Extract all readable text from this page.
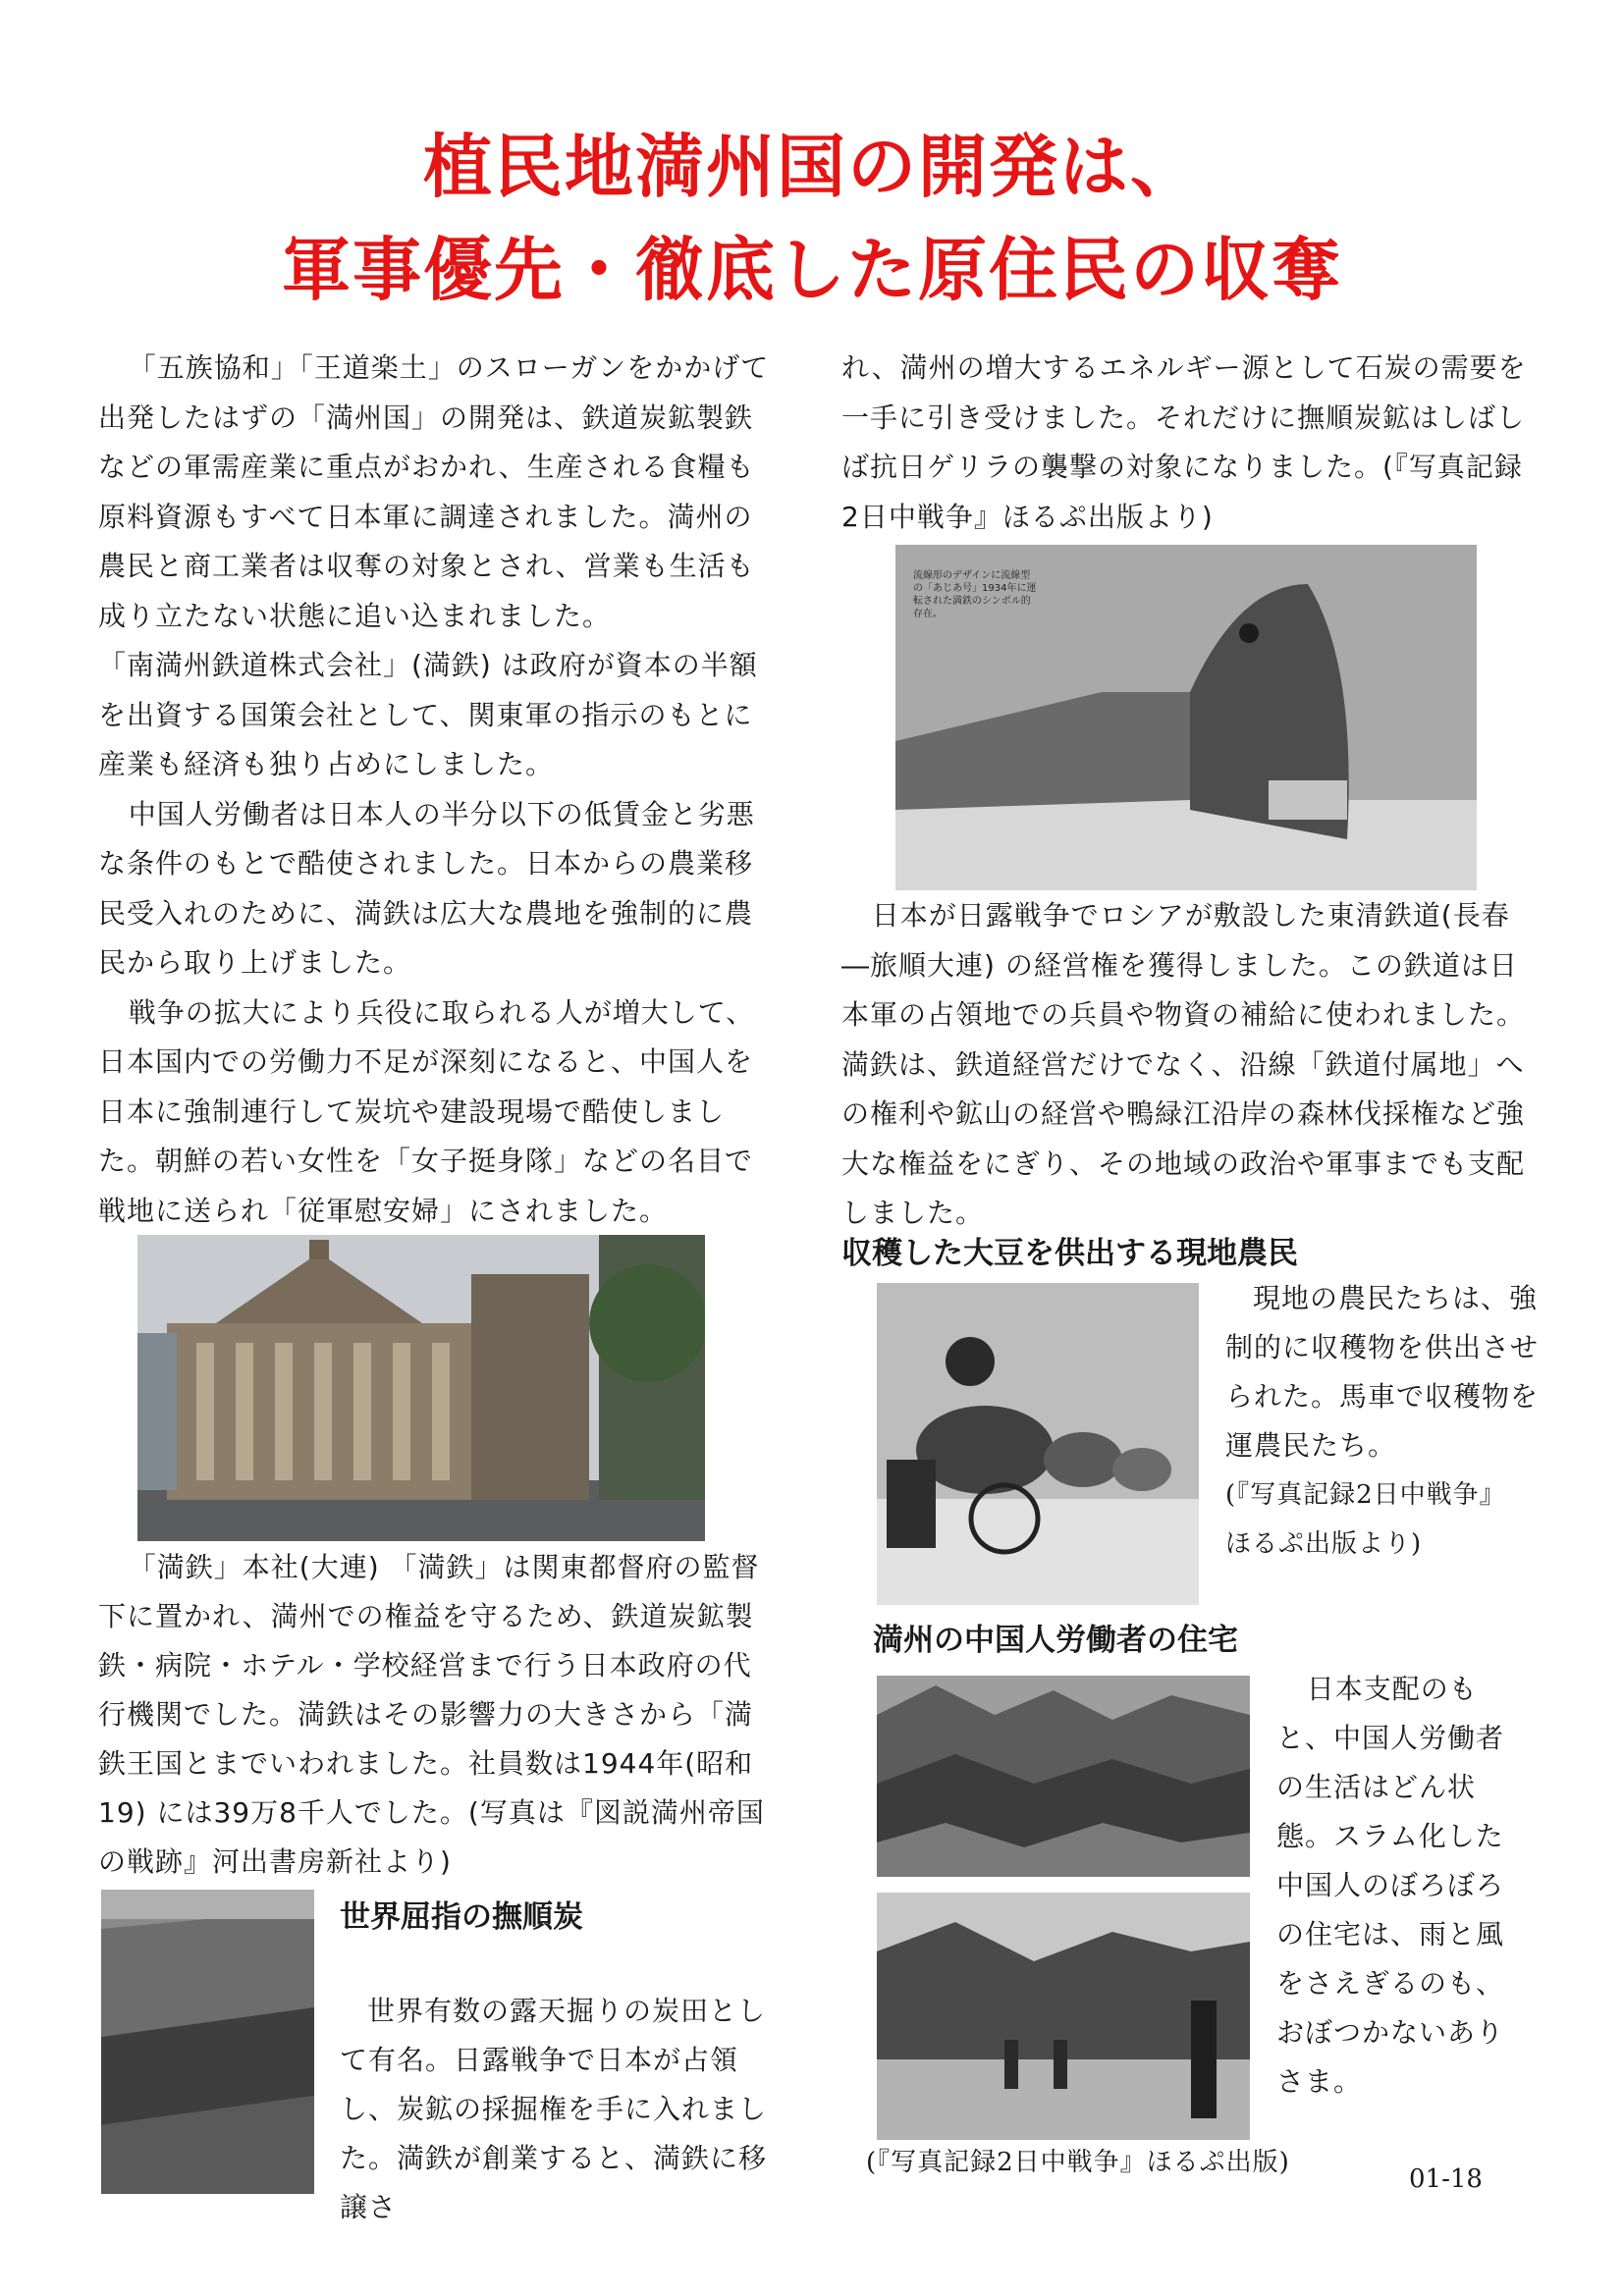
植民地満州国の開発は、
軍事優先・徹底した原住民の収奪

「五族協和」「王道楽土」のスローガンをかかげて出発したはずの「満州国」の開発は、鉄道炭鉱製鉄などの軍需産業に重点がおかれ、生産される食糧も原料資源もすべて日本軍に調達されました。満州の農民と商工業者は収奪の対象とされ、営業も生活も成り立たない状態に追い込まれました。

「南満州鉄道株式会社」(満鉄) は政府が資本の半額を出資する国策会社として、関東軍の指示のもとに産業も経済も独り占めにしました。

中国人労働者は日本人の半分以下の低賃金と劣悪な条件のもとで酷使されました。日本からの農業移民受入れのために、満鉄は広大な農地を強制的に農民から取り上げました。

戦争の拡大により兵役に取られる人が増大して、日本国内での労働力不足が深刻になると、中国人を日本に強制連行して炭坑や建設現場で酷使しました。朝鮮の若い女性を「女子挺身隊」などの名目で戦地に送られ「従軍慰安婦」にされました。

「満鉄」本社(大連) 「満鉄」は関東都督府の監督下に置かれ、満州での権益を守るため、鉄道炭鉱製鉄・病院・ホテル・学校経営まで行う日本政府の代行機関でした。満鉄はその影響力の大きさから「満鉄王国とまでいわれました。社員数は1944年(昭和19) には39万8千人でした。(写真は『図説満州帝国の戦跡』河出書房新社より)
世界屈指の撫順炭
世界有数の露天掘りの炭田として有名。日露戦争で日本が占領し、炭鉱の採掘権を手に入れました。満鉄が創業すると、満鉄に移譲さ
れ、満州の増大するエネルギー源として石炭の需要を一手に引き受けました。それだけに撫順炭鉱はしばしば抗日ゲリラの襲撃の対象になりました。(『写真記録2日中戦争』ほるぷ出版より)
流線形のデザインに流線型の「あじあ号」1934年に運転された満鉄のシンボル的存在。
日本が日露戦争でロシアが敷設した東清鉄道(長春―旅順大連) の経営権を獲得しました。この鉄道は日本軍の占領地での兵員や物資の補給に使われました。満鉄は、鉄道経営だけでなく、沿線「鉄道付属地」への権利や鉱山の経営や鴨緑江沿岸の森林伐採権など強大な権益をにぎり、その地域の政治や軍事までも支配しました。
収穫した大豆を供出する現地農民
現地の農民たちは、強制的に収穫物を供出させられた。馬車で収穫物を運農民たち。
(『写真記録2日中戦争』ほるぷ出版より)
満州の中国人労働者の住宅
日本支配のもと、中国人労働者の生活はどん状態。スラム化した中国人のぼろぼろの住宅は、雨と風をさえぎるのも、おぼつかないありさま。
(『写真記録2日中戦争』ほるぷ出版)
01-18
